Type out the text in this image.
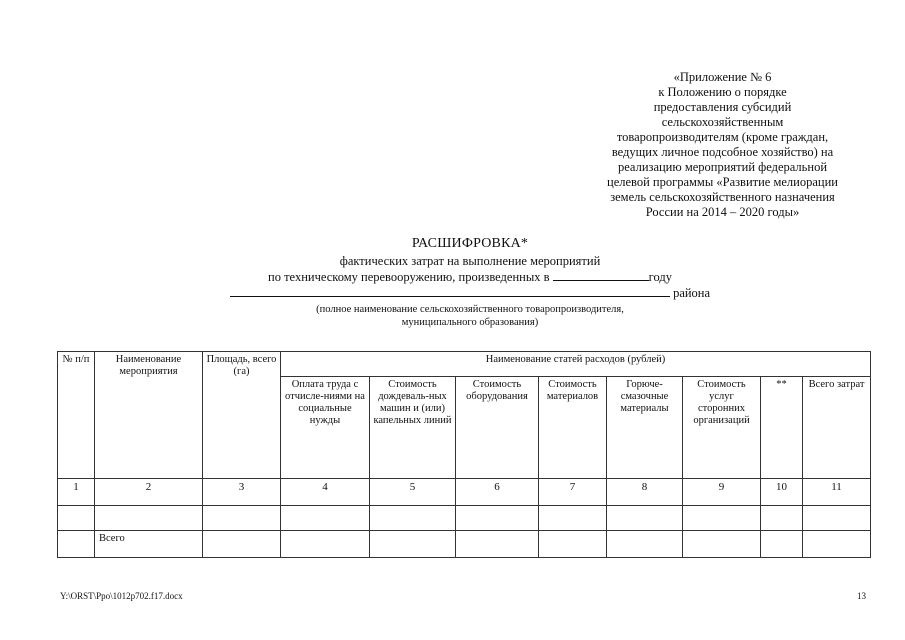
«Приложение № 6
к Положению о порядке
предоставления субсидий
сельскохозяйственным
товаропроизводителям (кроме граждан,
ведущих личное подсобное хозяйство) на
реализацию мероприятий федеральной
целевой программы «Развитие мелиорации
земель сельскохозяйственного назначения
России на 2014 – 2020 годы»
РАСШИФРОВКА*
фактических затрат на выполнение мероприятий
по техническому перевооружению, произведенных в	году
района
(полное наименование сельскохозяйственного товаропроизводителя,
муниципального образования)
№ п/п	Наименование мероприятия	Площадь, всего (га)	Наименование статей расходов (рублей)							
			Оплата труда с отчисле-ниями на социальные нужды	Стоимость дождеваль-ных машин и (или) капельных линий	Стоимость оборудования	Стоимость материалов	Горюче-смазочные материалы	Стоимость услуг сторонних организаций	**	Всего затрат
1	2	3	4	5	6	7	8	9	10	11

	Всего									
Y:\ORST\Ppo\1012p702.f17.docx	13
